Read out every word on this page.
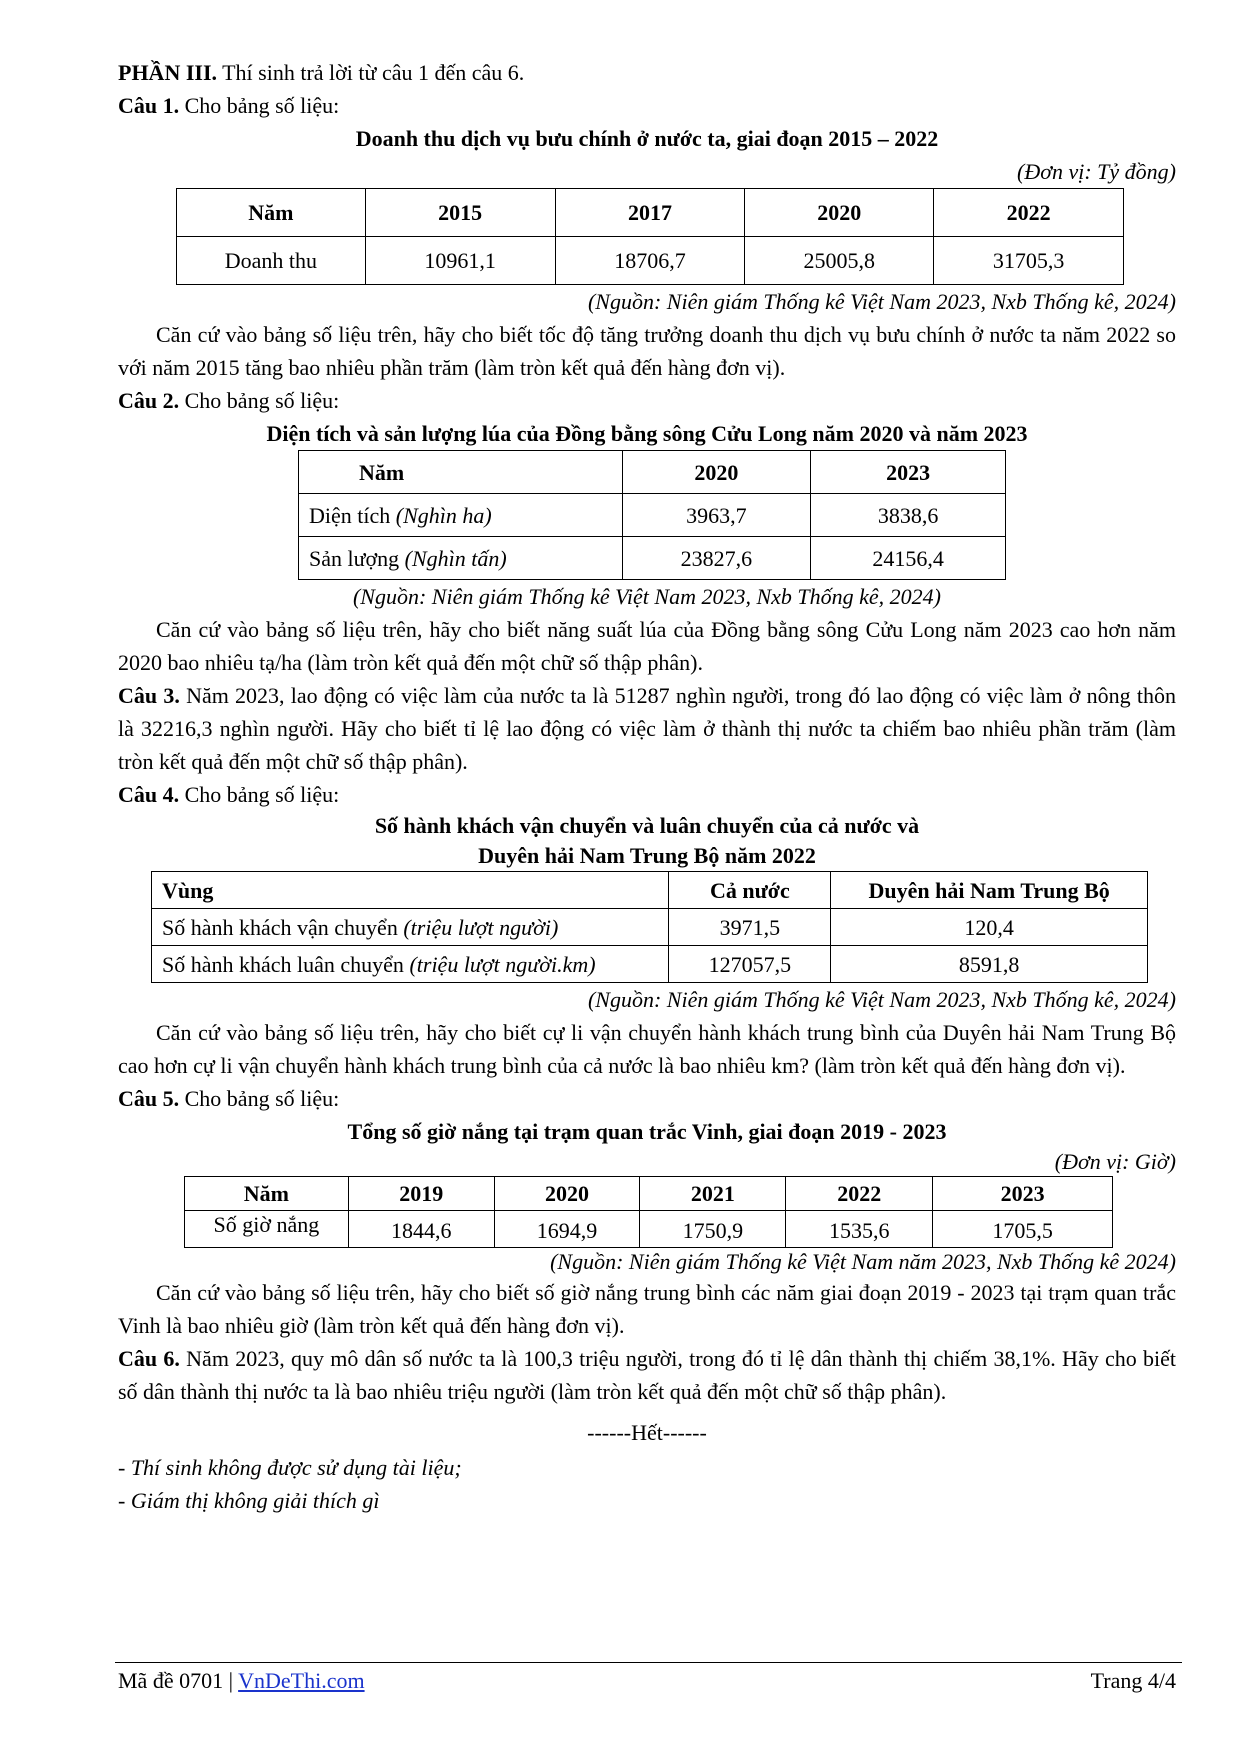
PHẦN III. Thí sinh trả lời từ câu 1 đến câu 6.

Câu 1. Cho bảng số liệu:

Doanh thu dịch vụ bưu chính ở nước ta, giai đoạn 2015 – 2022

(Đơn vị: Tỷ đồng)

Năm	2015	2017	2020	2022
Doanh thu	10961,1	18706,7	25005,8	31705,3

(Nguồn: Niên giám Thống kê Việt Nam 2023, Nxb Thống kê, 2024)

Căn cứ vào bảng số liệu trên, hãy cho biết tốc độ tăng trưởng doanh thu dịch vụ bưu chính ở nước ta năm 2022 so với năm 2015 tăng bao nhiêu phần trăm (làm tròn kết quả đến hàng đơn vị).

Câu 2. Cho bảng số liệu:

Diện tích và sản lượng lúa của Đồng bằng sông Cửu Long năm 2020 và năm 2023

Năm	2020	2023
Diện tích (Nghìn ha)	3963,7	3838,6
Sản lượng (Nghìn tấn)	23827,6	24156,4

(Nguồn: Niên giám Thống kê Việt Nam 2023, Nxb Thống kê, 2024)

Căn cứ vào bảng số liệu trên, hãy cho biết năng suất lúa của Đồng bằng sông Cửu Long năm 2023 cao hơn năm 2020 bao nhiêu tạ/ha (làm tròn kết quả đến một chữ số thập phân).

Câu 3. Năm 2023, lao động có việc làm của nước ta là 51287 nghìn người, trong đó lao động có việc làm ở nông thôn là 32216,3 nghìn người. Hãy cho biết tỉ lệ lao động có việc làm ở thành thị nước ta chiếm bao nhiêu phần trăm (làm tròn kết quả đến một chữ số thập phân).

Câu 4. Cho bảng số liệu:

Số hành khách vận chuyển và luân chuyển của cả nước và

Duyên hải Nam Trung Bộ năm 2022

Vùng	Cả nước	Duyên hải Nam Trung Bộ
Số hành khách vận chuyển (triệu lượt người)	3971,5	120,4
Số hành khách luân chuyển (triệu lượt người.km)	127057,5	8591,8

(Nguồn: Niên giám Thống kê Việt Nam 2023, Nxb Thống kê, 2024)

Căn cứ vào bảng số liệu trên, hãy cho biết cự li vận chuyển hành khách trung bình của Duyên hải Nam Trung Bộ cao hơn cự li vận chuyển hành khách trung bình của cả nước là bao nhiêu km? (làm tròn kết quả đến hàng đơn vị).

Câu 5. Cho bảng số liệu:

Tổng số giờ nắng tại trạm quan trắc Vinh, giai đoạn 2019 - 2023

(Đơn vị: Giờ)

Năm	2019	2020	2021	2022	2023
Số giờ nắng	1844,6	1694,9	1750,9	1535,6	1705,5

(Nguồn: Niên giám Thống kê Việt Nam năm 2023, Nxb Thống kê 2024)

Căn cứ vào bảng số liệu trên, hãy cho biết số giờ nắng trung bình các năm giai đoạn 2019 - 2023 tại trạm quan trắc Vinh là bao nhiêu giờ (làm tròn kết quả đến hàng đơn vị).

Câu 6. Năm 2023, quy mô dân số nước ta là 100,3 triệu người, trong đó tỉ lệ dân thành thị chiếm 38,1%. Hãy cho biết số dân thành thị nước ta là bao nhiêu triệu người (làm tròn kết quả đến một chữ số thập phân).

------Hết------

- Thí sinh không được sử dụng tài liệu;

- Giám thị không giải thích gì

Mã đề 0701 | VnDeThi.com	Trang 4/4
